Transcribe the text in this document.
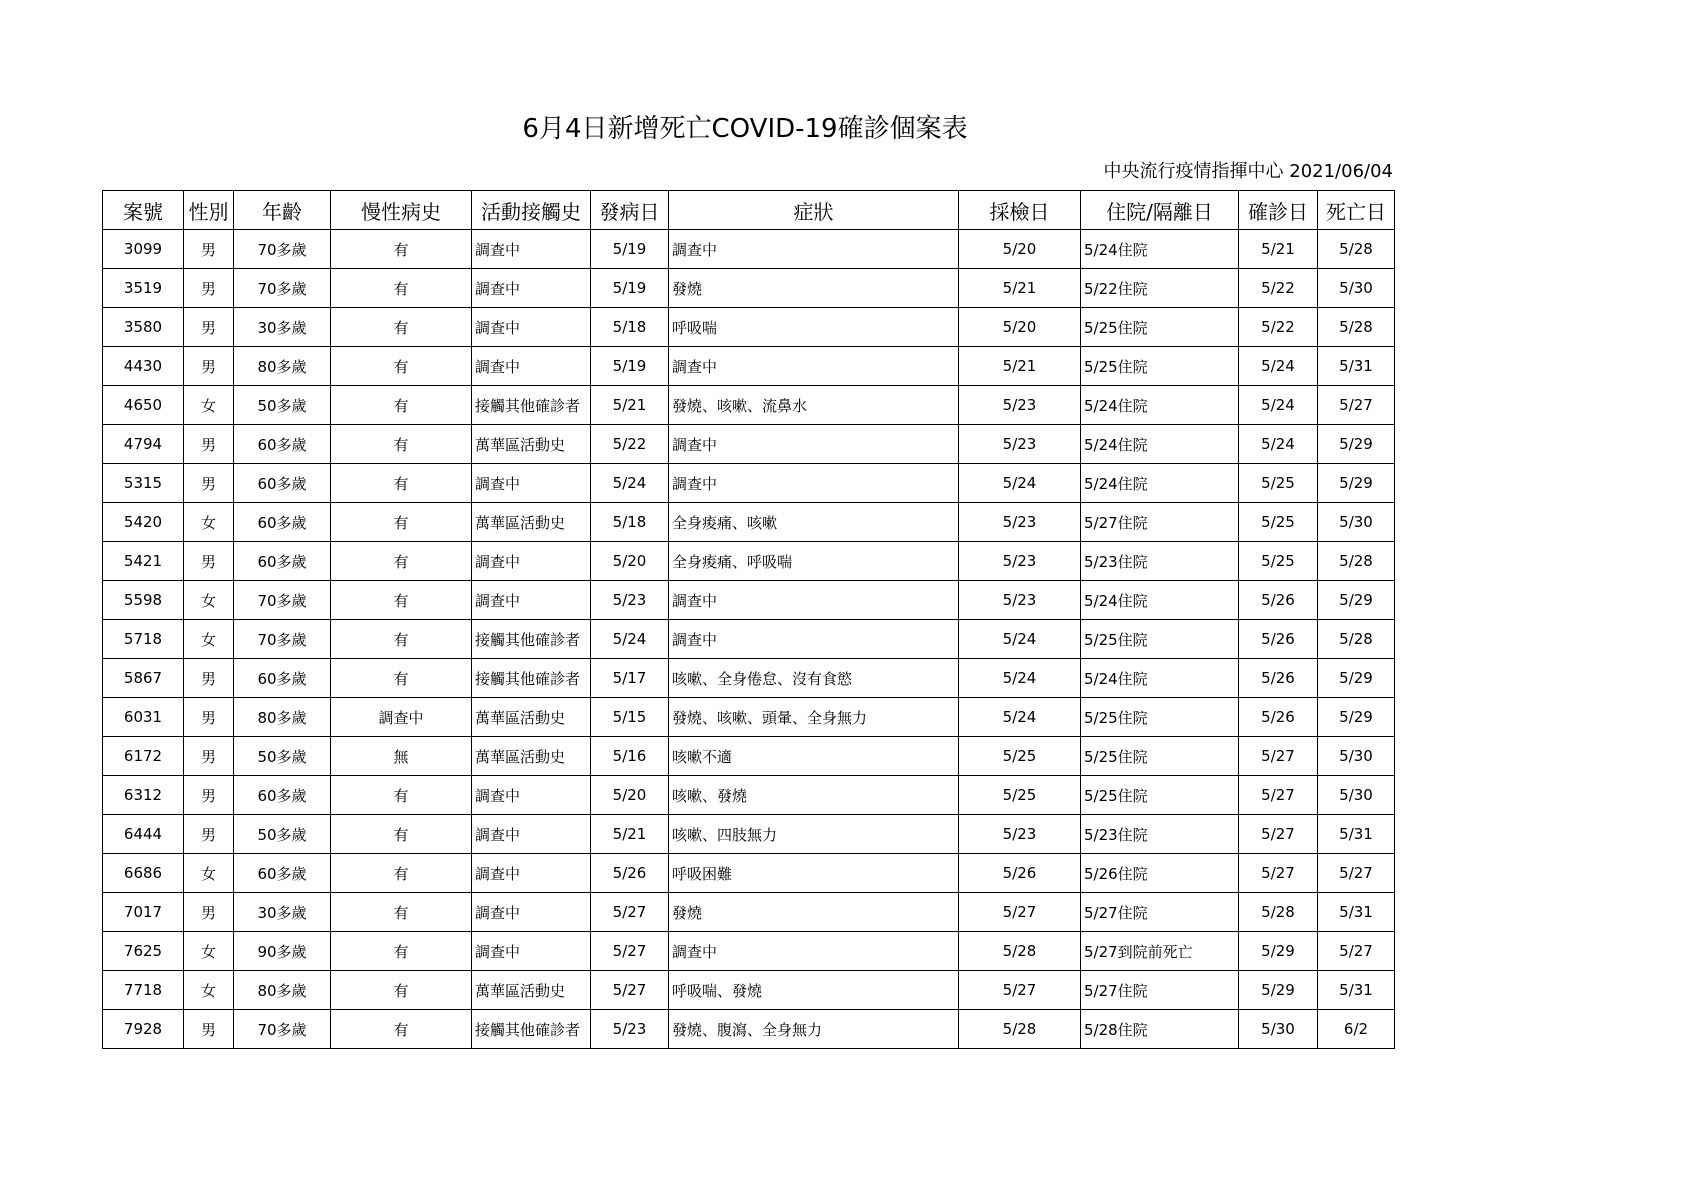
6月4日新增死亡COVID-19確診個案表
中央流行疫情指揮中心 2021/06/04
案號	性別	年齡	慢性病史	活動接觸史	發病日	症狀	採檢日	住院/隔離日	確診日	死亡日
3099	男	70多歲	有	調查中	5/19	調查中	5/20	5/24住院	5/21	5/28
3519	男	70多歲	有	調查中	5/19	發燒	5/21	5/22住院	5/22	5/30
3580	男	30多歲	有	調查中	5/18	呼吸喘	5/20	5/25住院	5/22	5/28
4430	男	80多歲	有	調查中	5/19	調查中	5/21	5/25住院	5/24	5/31
4650	女	50多歲	有	接觸其他確診者	5/21	發燒、咳嗽、流鼻水	5/23	5/24住院	5/24	5/27
4794	男	60多歲	有	萬華區活動史	5/22	調查中	5/23	5/24住院	5/24	5/29
5315	男	60多歲	有	調查中	5/24	調查中	5/24	5/24住院	5/25	5/29
5420	女	60多歲	有	萬華區活動史	5/18	全身痠痛、咳嗽	5/23	5/27住院	5/25	5/30
5421	男	60多歲	有	調查中	5/20	全身痠痛、呼吸喘	5/23	5/23住院	5/25	5/28
5598	女	70多歲	有	調查中	5/23	調查中	5/23	5/24住院	5/26	5/29
5718	女	70多歲	有	接觸其他確診者	5/24	調查中	5/24	5/25住院	5/26	5/28
5867	男	60多歲	有	接觸其他確診者	5/17	咳嗽、全身倦怠、沒有食慾	5/24	5/24住院	5/26	5/29
6031	男	80多歲	調查中	萬華區活動史	5/15	發燒、咳嗽、頭暈、全身無力	5/24	5/25住院	5/26	5/29
6172	男	50多歲	無	萬華區活動史	5/16	咳嗽不適	5/25	5/25住院	5/27	5/30
6312	男	60多歲	有	調查中	5/20	咳嗽、發燒	5/25	5/25住院	5/27	5/30
6444	男	50多歲	有	調查中	5/21	咳嗽、四肢無力	5/23	5/23住院	5/27	5/31
6686	女	60多歲	有	調查中	5/26	呼吸困難	5/26	5/26住院	5/27	5/27
7017	男	30多歲	有	調查中	5/27	發燒	5/27	5/27住院	5/28	5/31
7625	女	90多歲	有	調查中	5/27	調查中	5/28	5/27到院前死亡	5/29	5/27
7718	女	80多歲	有	萬華區活動史	5/27	呼吸喘、發燒	5/27	5/27住院	5/29	5/31
7928	男	70多歲	有	接觸其他確診者	5/23	發燒、腹瀉、全身無力	5/28	5/28住院	5/30	6/2
